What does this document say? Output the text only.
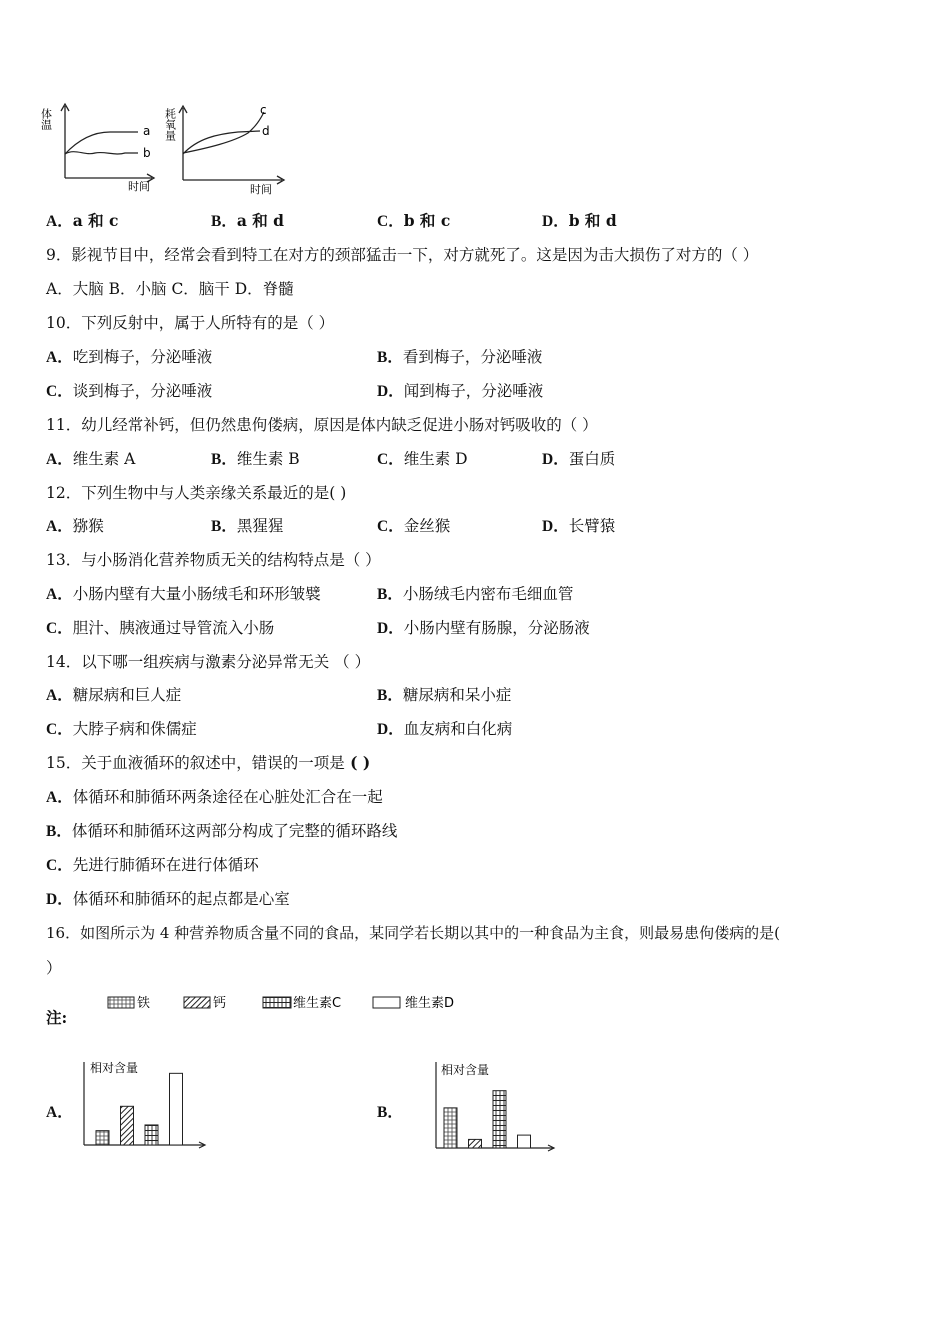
体温
时间
a
b
耗氧量
时间
c
d
A．a 和 c	B．a 和 d	C．b 和 c	D．b 和 d
9．影视节目中，经常会看到特工在对方的颈部猛击一下，对方就死了。这是因为击大损伤了对方的（ ）
A．大脑 B．小脑 C．脑干 D．脊髓
10．下列反射中，属于人所特有的是（ ）
A．吃到梅子，分泌唾液	B．看到梅子，分泌唾液
C．谈到梅子，分泌唾液	D．闻到梅子，分泌唾液
11．幼儿经常补钙，但仍然患佝偻病，原因是体内缺乏促进小肠对钙吸收的（ ）
A．维生素 A	B．维生素 B	C．维生素 D	D．蛋白质
12．下列生物中与人类亲缘关系最近的是( )
A．猕猴	B．黑猩猩	C．金丝猴	D．长臂猿
13．与小肠消化营养物质无关的结构特点是（ ）
A．小肠内壁有大量小肠绒毛和环形皱襞	B．小肠绒毛内密布毛细血管
C．胆汁、胰液通过导管流入小肠	D．小肠内壁有肠腺，分泌肠液
14．以下哪一组疾病与激素分泌异常无关 （ ）
A．糖尿病和巨人症	B．糖尿病和呆小症
C．大脖子病和侏儒症	D．血友病和白化病
15．关于血液循环的叙述中，错误的一项是 ( )
A．体循环和肺循环两条途径在心脏处汇合在一起
B．体循环和肺循环这两部分构成了完整的循环路线
C．先进行肺循环在进行体循环
D．体循环和肺循环的起点都是心室
16．如图所示为 4 种营养物质含量不同的食品，某同学若长期以其中的一种食品为主食，则最易患佝偻病的是(
）
注:
铁	钙	维生素C	维生素D
A．
相对含量
B．
相对含量
